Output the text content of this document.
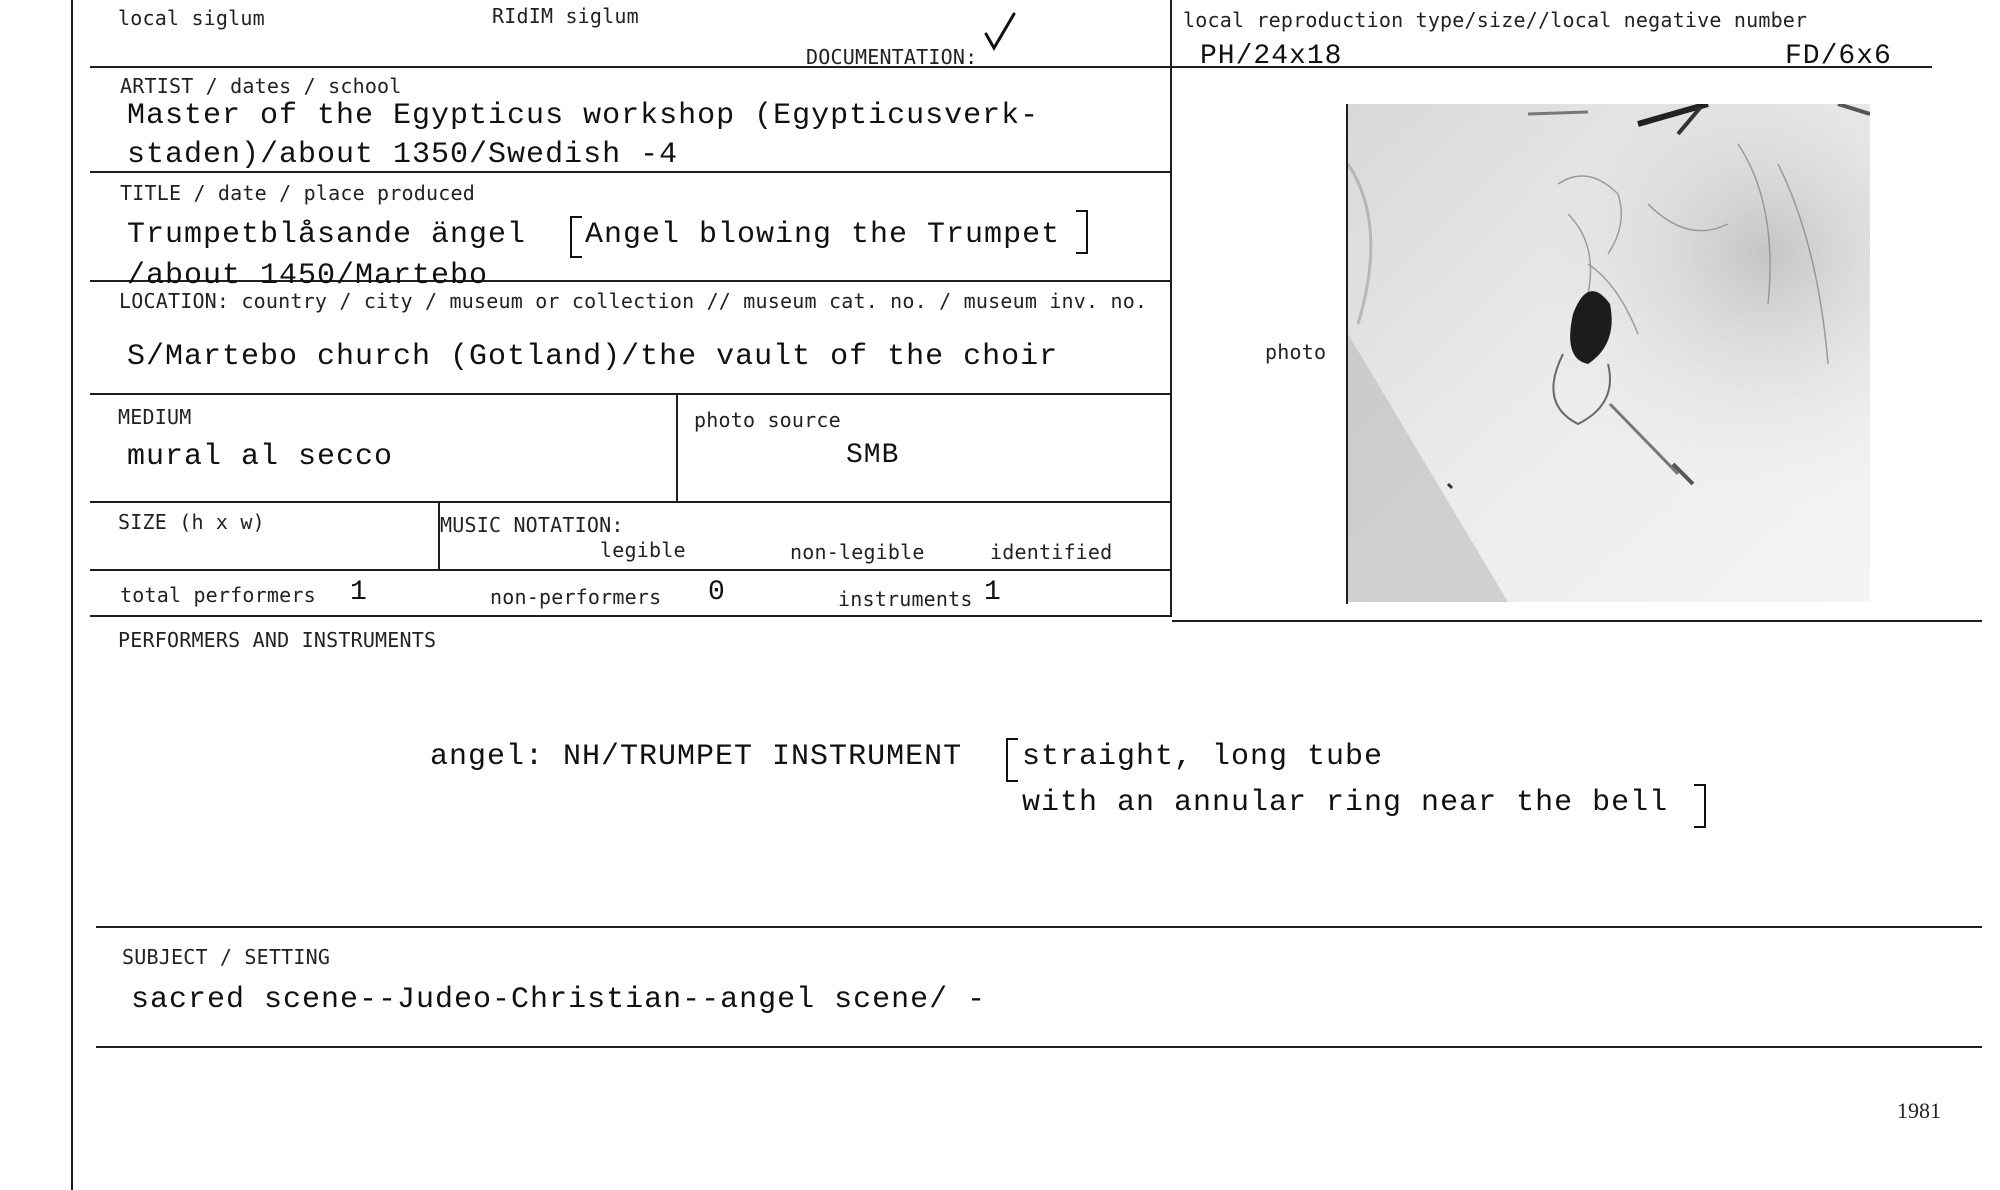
local siglum	RIdIM siglum
DOCUMENTATION:
local reproduction type/size//local negative number
PH/24x18	FD/6x6
ARTIST / dates / school
Master of the Egypticus workshop (Egypticusverk-
staden)/about 1350/Swedish -4
TITLE / date / place produced
Trumpetblåsande ängel Angel blowing the Trumpet
/about 1450/Martebo
LOCATION: country / city / museum or collection // museum cat. no. / museum inv. no.
S/Martebo church (Gotland)/the vault of the choir
MEDIUM
mural al secco
photo source
SMB
SIZE (h x w)	MUSIC NOTATION:
legible	non-legible	identified
total performers 1	non-performers 0	instruments 1
photo
PERFORMERS AND INSTRUMENTS
angel: NH/TRUMPET INSTRUMENT straight, long tube
with an annular ring near the bell
SUBJECT / SETTING
sacred scene--Judeo-Christian--angel scene/ -
1981
